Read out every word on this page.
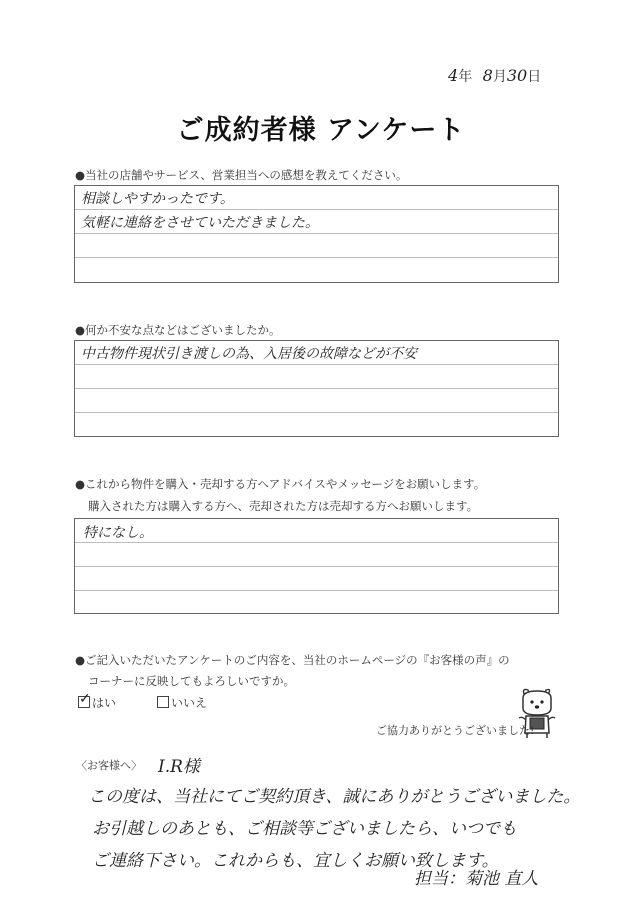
4年 8月30日
ご成約者様 アンケート
●当社の店舗やサービス、営業担当への感想を教えてください。
相談しやすかったです。
気軽に連絡をさせていただきました。
●何か不安な点などはございましたか。
中古物件現状引き渡しの為、入居後の故障などが不安
●これから物件を購入・売却する方へアドバイスやメッセージをお願いします。
購入された方は購入する方へ、売却された方は売却する方へお願いします。
特になし。
●ご記入いただいたアンケートのご内容を、当社のホームページの『お客様の声』の
コーナーに反映してもよろしいですか。
✓ はい	いいえ
ご協力ありがとうございました!
〈お客様へ〉 I.R様
この度は、当社にてご契約頂き、誠にありがとうございました。
お引越しのあとも、ご相談等ございましたら、いつでも
ご連絡下さい。これからも、宜しくお願い致します。
担当：菊池 直人
